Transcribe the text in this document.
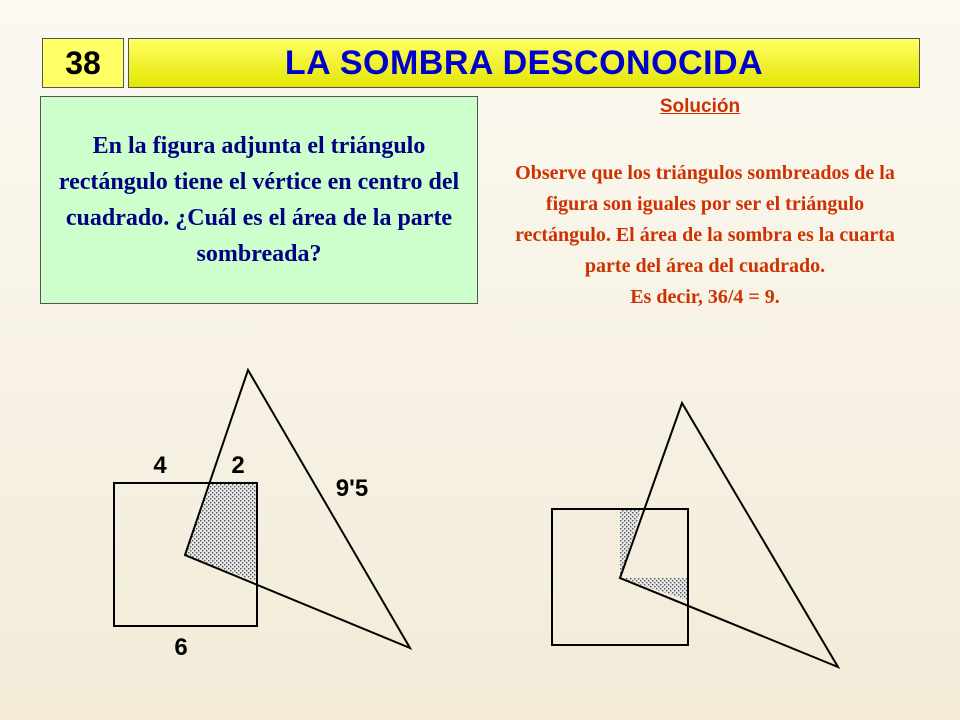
38	LA SOMBRA DESCONOCIDA
En la figura adjunta el triángulo rectángulo tiene el vértice en centro del cuadrado. ¿Cuál es el área de la parte sombreada?
Solución
Observe que los triángulos sombreados de la figura son iguales por ser el triángulo rectángulo. El área de la sombra es la cuarta parte del área del cuadrado.
Es decir, 36/4 = 9.
4	2
9'5
6
